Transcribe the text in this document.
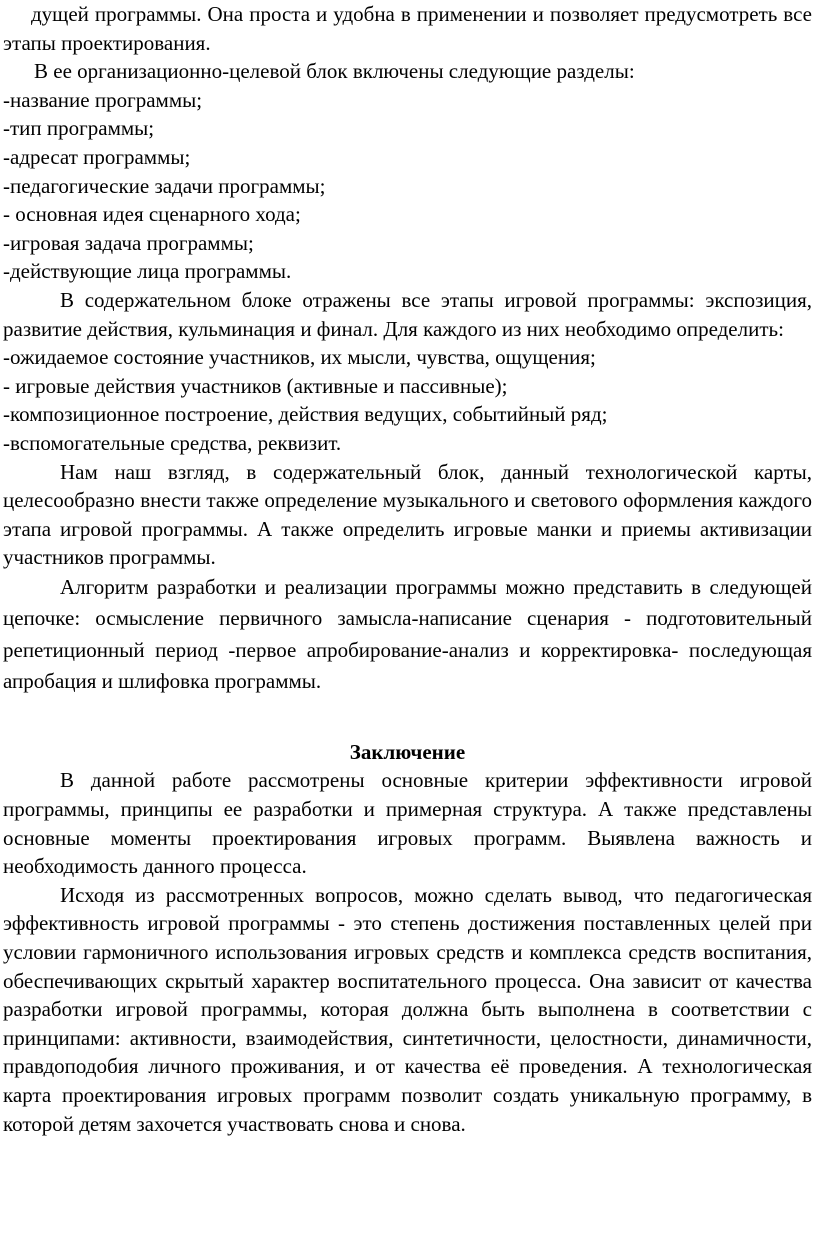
дущей программы. Она проста и удобна в применении и позволяет предусмотреть все этапы проектирования.

В ее организационно-целевой блок включены следующие разделы:

-название программы;

-тип программы;

-адресат программы;

-педагогические задачи программы;

- основная идея сценарного хода;

-игровая задача программы;

-действующие лица программы.

В содержательном блоке отражены все этапы игровой программы: экспозиция, развитие действия, кульминация и финал. Для каждого из них необходимо определить:

-ожидаемое состояние участников, их мысли, чувства, ощущения;

- игровые действия участников (активные и пассивные);

-композиционное построение, действия ведущих, событийный ряд;

-вспомогательные средства, реквизит.

Нам наш взгляд, в содержательный блок, данный технологической карты, целесообразно внести также определение музыкального и светового оформления каждого этапа игровой программы. А также определить игровые манки и приемы активизации участников программы.

Алгоритм разработки и реализации программы можно представить в следующей цепочке: осмысление первичного замысла-написание сценария - подготовительный репетиционный период -первое апробирование-анализ и корректировка- последующая апробация и шлифовка программы.

Заключение

В данной работе рассмотрены основные критерии эффективности игровой программы, принципы ее разработки и примерная структура. А также представлены основные моменты проектирования игровых программ. Выявлена важность и необходимость данного процесса.

Исходя из рассмотренных вопросов, можно сделать вывод, что педагогическая эффективность игровой программы - это степень достижения поставленных целей при условии гармоничного использования игровых средств и комплекса средств воспитания, обеспечивающих скрытый характер воспитательного процесса. Она зависит от качества разработки игровой программы, которая должна быть выполнена в соответствии с принципами: активности, взаимодействия, синтетичности, целостности, динамичности, правдоподобия личного проживания, и от качества её проведения. А технологическая карта проектирования игровых программ позволит создать уникальную программу, в которой детям захочется участвовать снова и снова.
